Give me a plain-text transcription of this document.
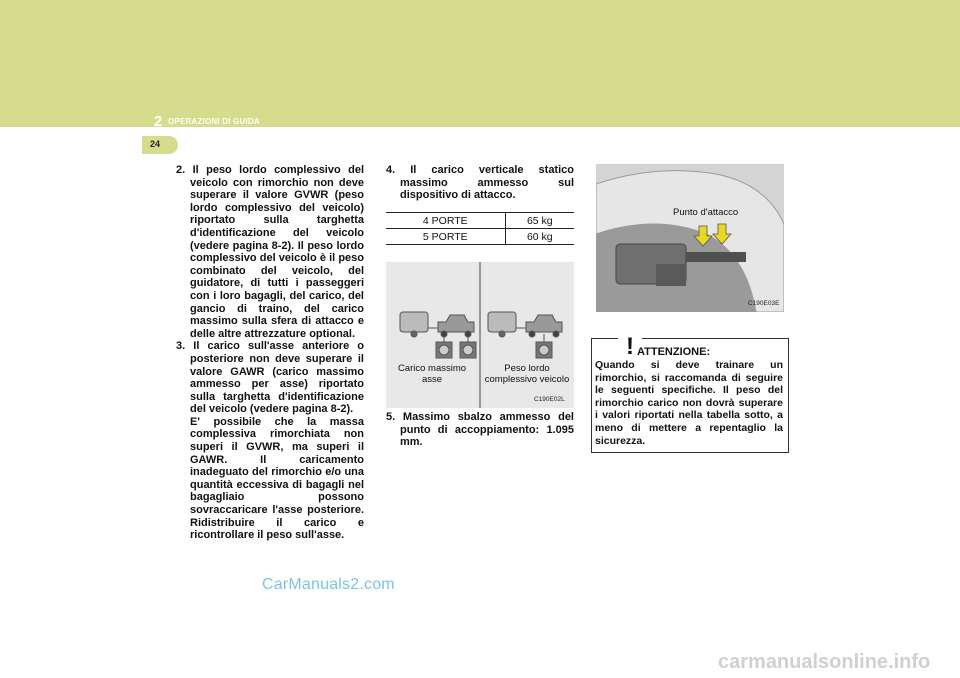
2 OPERAZIONI DI GUIDA
24

2. Il peso lordo complessivo del veicolo con rimorchio non deve superare il valore GVWR (peso lordo complessivo del veicolo) riportato sulla targhetta d'identificazione del veicolo (vedere pagina 8-2). Il peso lordo complessivo del veicolo è il peso combinato del veicolo, del guidatore, di tutti i passeggeri con i loro bagagli, del carico, del gancio di traino, del carico massimo sulla sfera di attacco e delle altre attrezzature optional.

3. Il carico sull'asse anteriore o posteriore non deve superare il valore GAWR (carico massimo ammesso per asse) riportato sulla targhetta d'identificazione del veicolo (vedere pagina 8-2).

E' possibile che la massa complessiva rimorchiata non superi il GVWR, ma superi il GAWR. Il caricamento inadeguato del rimorchio e/o una quantità eccessiva di bagagli nel bagagliaio possono sovraccaricare l'asse posteriore. Ridistribuire il carico e ricontrollare il peso sull'asse.

4. Il carico verticale statico massimo ammesso sul dispositivo di attacco.

4 PORTE	65 kg
5 PORTE	60 kg
Carico massimo
asse
Peso lordo
complessivo veicolo
C190E02L

5. Massimo sbalzo ammesso del punto di accoppiamento: 1.095 mm.

C190E03E
Punto d'attacco
! ATTENZIONE:
Quando si deve trainare un rimorchio, si raccomanda di seguire le seguenti specifiche. Il peso del rimorchio carico non dovrà superare i valori riportati nella tabella sotto, a meno di mettere a repentaglio la sicurezza.
CarManuals2.com
carmanualsonline.info
